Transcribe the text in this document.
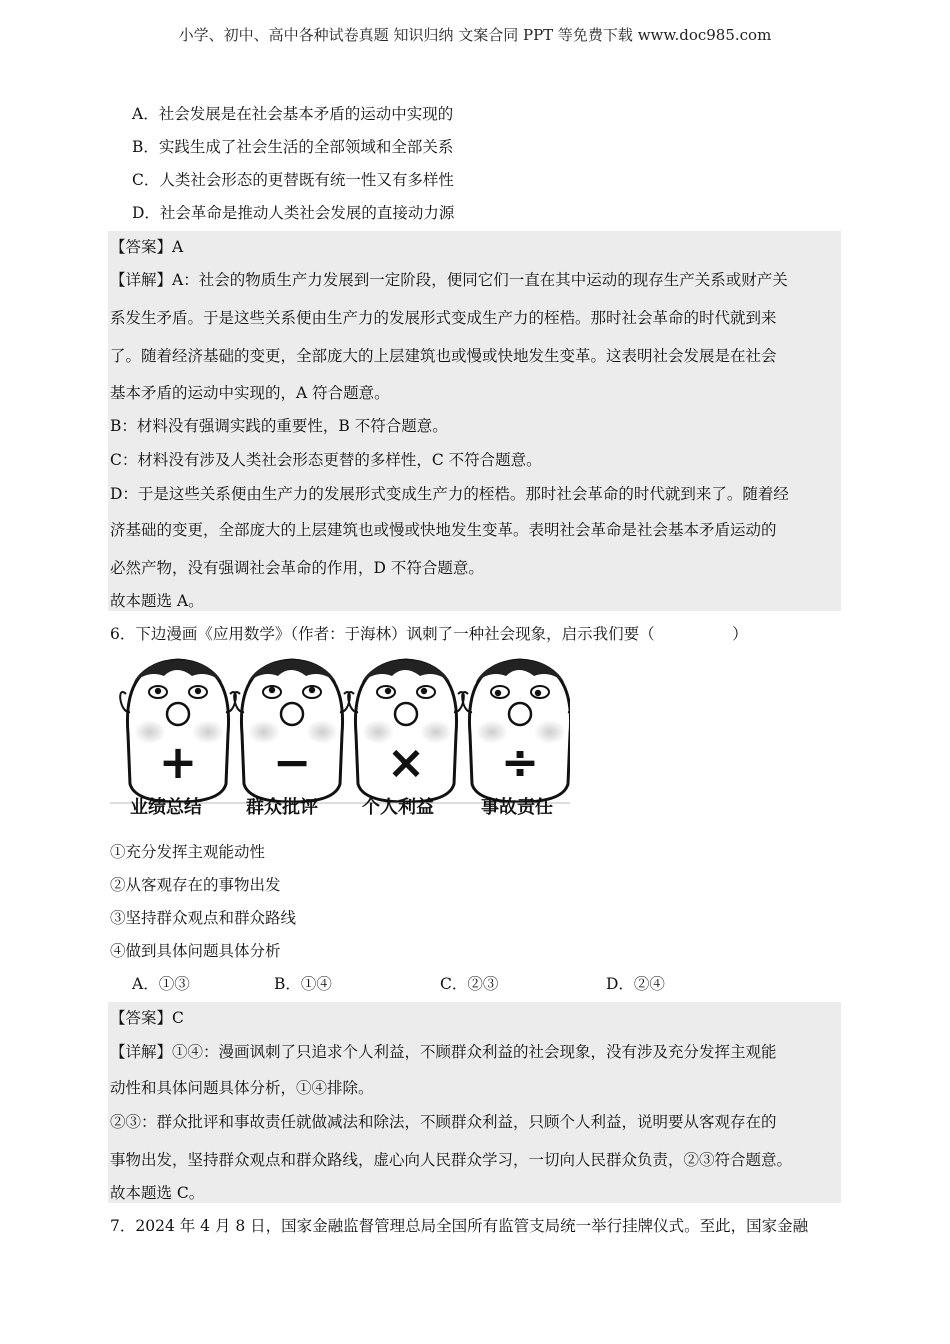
小学、初中、高中各种试卷真题 知识归纳 文案合同 PPT 等免费下载 www.doc985.com
A．社会发展是在社会基本矛盾的运动中实现的
B．实践生成了社会生活的全部领域和全部关系
C．人类社会形态的更替既有统一性又有多样性
D．社会革命是推动人类社会发展的直接动力源
【答案】A
【详解】A：社会的物质生产力发展到一定阶段，便同它们一直在其中运动的现存生产关系或财产关
系发生矛盾。于是这些关系便由生产力的发展形式变成生产力的桎梏。那时社会革命的时代就到来
了。随着经济基础的变更，全部庞大的上层建筑也或慢或快地发生变革。这表明社会发展是在社会
基本矛盾的运动中实现的，A 符合题意。
B：材料没有强调实践的重要性，B 不符合题意。
C：材料没有涉及人类社会形态更替的多样性，C 不符合题意。
D：于是这些关系便由生产力的发展形式变成生产力的桎梏。那时社会革命的时代就到来了。随着经
济基础的变更，全部庞大的上层建筑也或慢或快地发生变革。表明社会革命是社会基本矛盾运动的
必然产物，没有强调社会革命的作用，D 不符合题意。
故本题选 A。
6．下边漫画《应用数学》（作者：于海林）讽刺了一种社会现象，启示我们要（　　　　　）
+ − × ÷
业绩总结 群众批评 个人利益	事故责任
①充分发挥主观能动性
②从客观存在的事物出发
③坚持群众观点和群众路线
④做到具体问题具体分析
A．①③	B．①④	C．②③	D．②④
【答案】C
【详解】①④：漫画讽刺了只追求个人利益，不顾群众利益的社会现象，没有涉及充分发挥主观能
动性和具体问题具体分析，①④排除。
②③：群众批评和事故责任就做减法和除法，不顾群众利益，只顾个人利益，说明要从客观存在的
事物出发，坚持群众观点和群众路线，虚心向人民群众学习，一切向人民群众负责，②③符合题意。
故本题选 C。
7．2024 年 4 月 8 日，国家金融监督管理总局全国所有监管支局统一举行挂牌仪式。至此，国家金融
